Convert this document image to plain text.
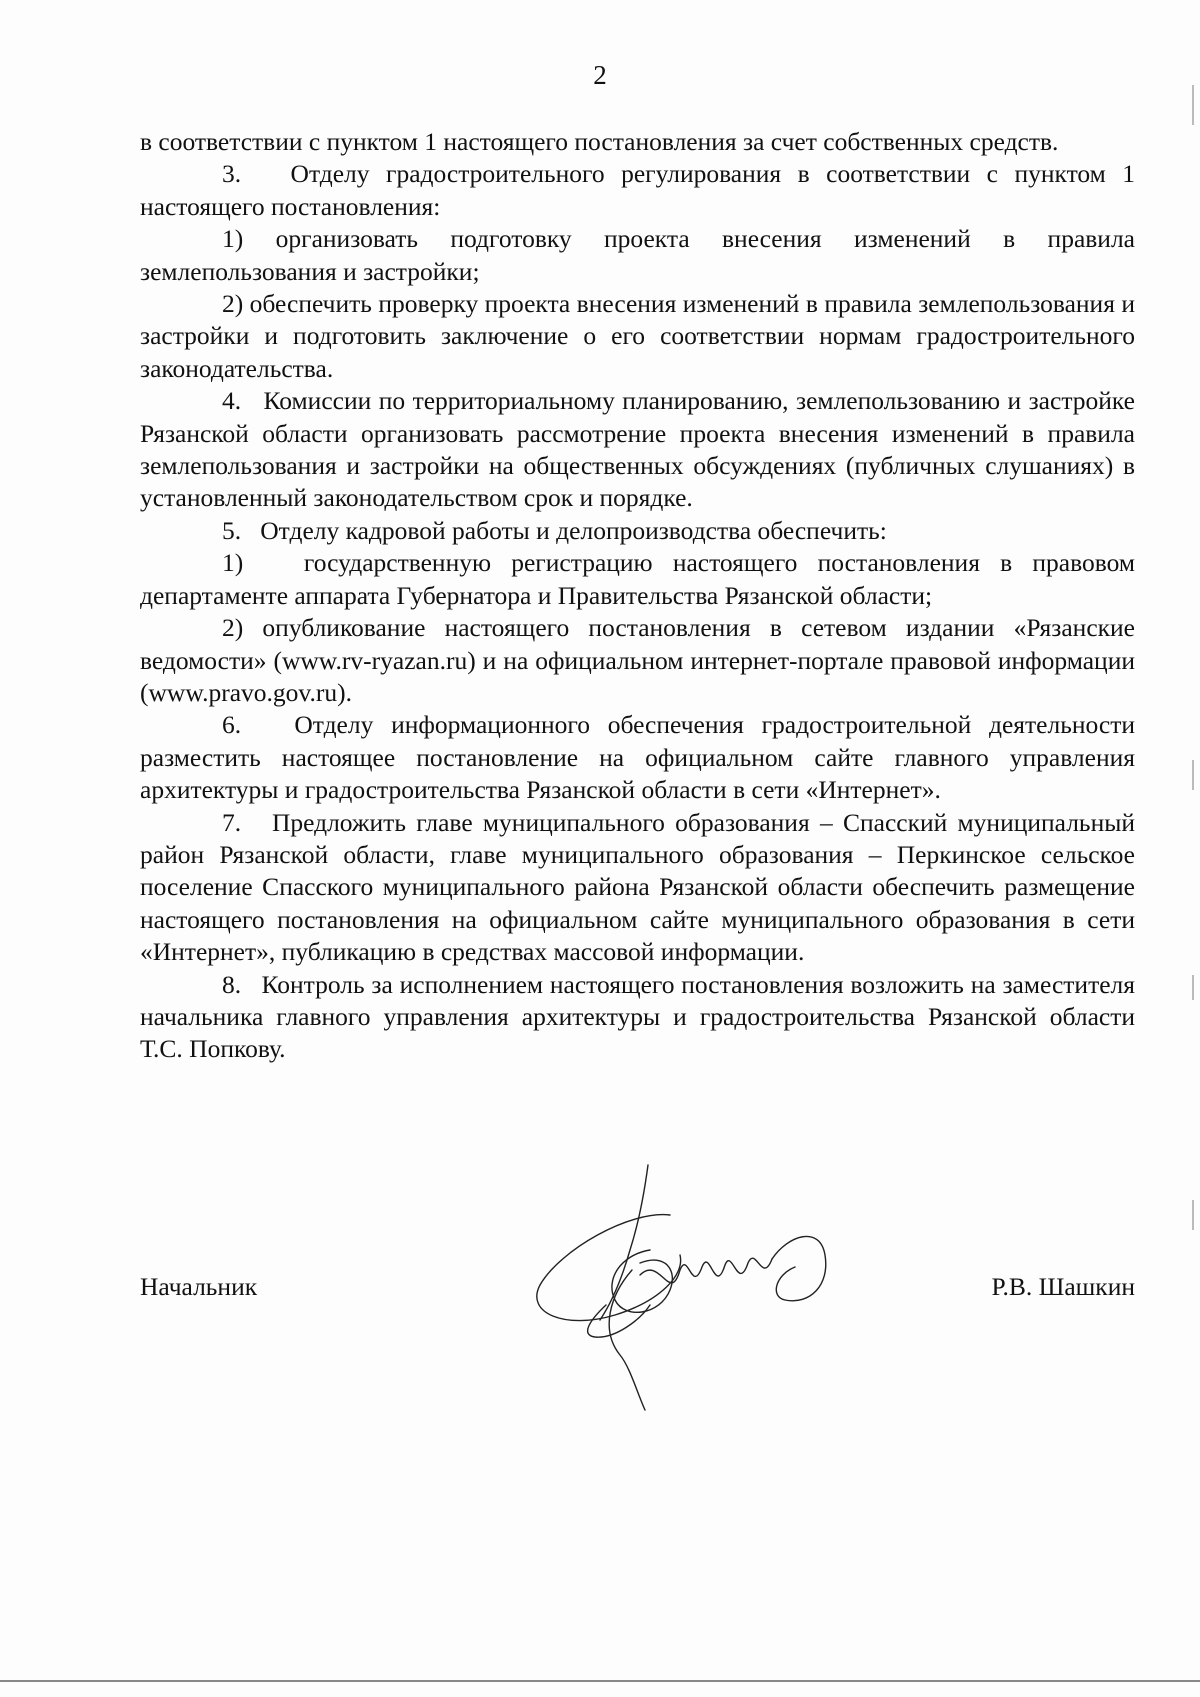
2

в соответствии с пунктом 1 настоящего постановления за счет собственных средств.

3.   Отделу градостроительного регулирования в соответствии с пунктом 1 настоящего постановления:

1) организовать подготовку проекта внесения изменений в правила землепользования и застройки;

2) обеспечить проверку проекта внесения изменений в правила землепользования и застройки и подготовить заключение о его соответствии нормам градостроительного законодательства.

4.   Комиссии по территориальному планированию, землепользованию и застройке Рязанской области организовать рассмотрение проекта внесения изменений в правила землепользования и застройки на общественных обсуждениях (публичных слушаниях) в установленный законодательством срок и порядке.

5.   Отделу кадровой работы и делопроизводства обеспечить:

1)   государственную регистрацию настоящего постановления в правовом департаменте аппарата Губернатора и Правительства Рязанской области;

2) опубликование настоящего постановления в сетевом издании «Рязанские ведомости» (www.rv-ryazan.ru) и на официальном интернет-портале правовой информации (www.pravo.gov.ru).

6.   Отделу информационного обеспечения градостроительной деятельности разместить настоящее постановление на официальном сайте главного управления архитектуры и градостроительства Рязанской области в сети «Интернет».

7.   Предложить главе муниципального образования – Спасский муниципальный район Рязанской области, главе муниципального образования – Перкинское сельское поселение Спасского муниципального района Рязанской области обеспечить размещение настоящего постановления на официальном сайте муниципального образования в сети «Интернет», публикацию в средствах массовой информации.

8.   Контроль за исполнением настоящего постановления возложить на заместителя начальника главного управления архитектуры и градостроительства Рязанской области Т.С. Попкову.

Начальник	Р.В. Шашкин
